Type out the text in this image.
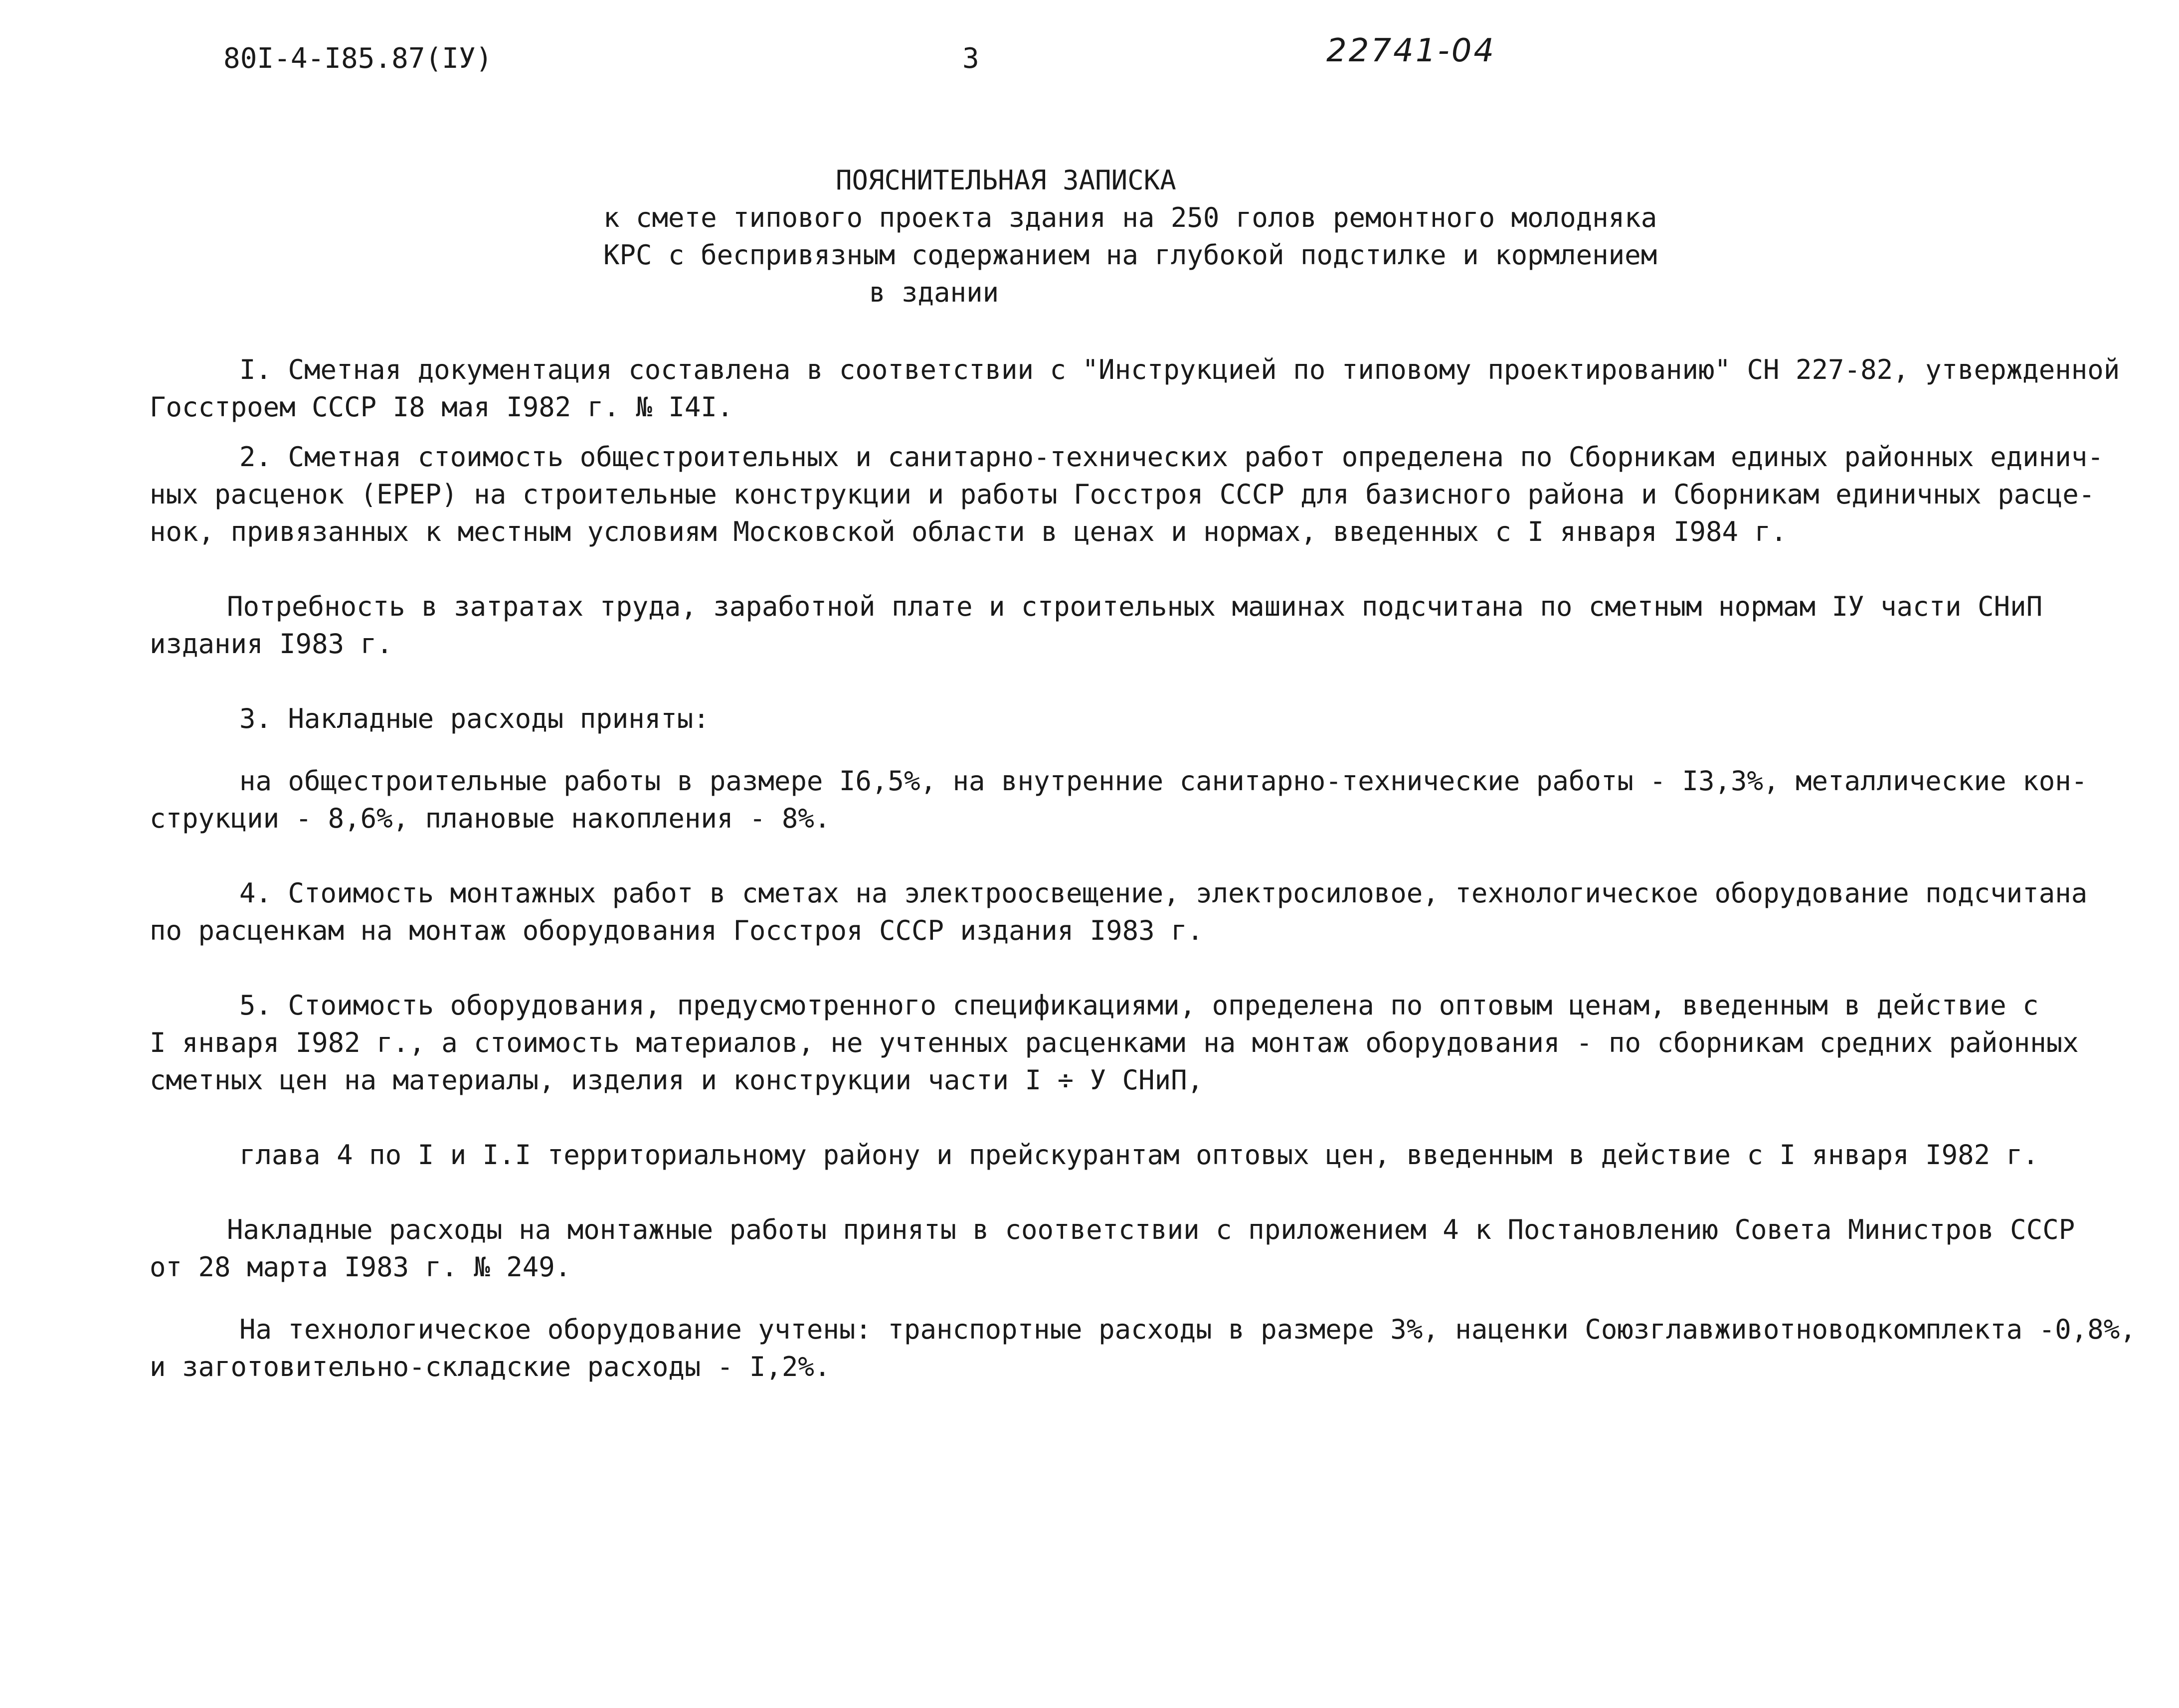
80I-4-I85.87(IУ)	3	22741-04
ПОЯСНИТЕЛЬНАЯ ЗАПИСКА
к смете типового проекта здания на 250 голов ремонтного молодняка
КРС с беспривязным содержанием на глубокой подстилке и кормлением
в здании
I. Сметная документация составлена в соответствии с "Инструкцией по типовому проектированию" СН 227-82, утвержденной
Госстроем СССР I8 мая I982 г. № I4I.
2. Сметная стоимость общестроительных и санитарно-технических работ определена по Сборникам единых районных единич-
ных расценок (ЕРЕР) на строительные конструкции и работы Госстроя СССР для базисного района и Сборникам единичных расце-
нок, привязанных к местным условиям Московской области в ценах и нормах, введенных с I января I984 г.
Потребность в затратах труда, заработной плате и строительных машинах подсчитана по сметным нормам IУ части СНиП
издания I983 г.
3. Накладные расходы приняты:
на общестроительные работы в размере I6,5%, на внутренние санитарно-технические работы - I3,3%, металлические кон-
струкции - 8,6%, плановые накопления - 8%.
4. Стоимость монтажных работ в сметах на электроосвещение, электросиловое, технологическое оборудование подсчитана
по расценкам на монтаж оборудования Госстроя СССР издания I983 г.
5. Стоимость оборудования, предусмотренного спецификациями, определена по оптовым ценам, введенным в действие с
I января I982 г., а стоимость материалов, не учтенных расценками на монтаж оборудования - по сборникам средних районных
сметных цен на материалы, изделия и конструкции части I ÷ У СНиП,
глава 4 по I и I.I территориальному району и прейскурантам оптовых цен, введенным в действие с I января I982 г.
Накладные расходы на монтажные работы приняты в соответствии с приложением 4 к Постановлению Совета Министров СССР
от 28 марта I983 г. № 249.
На технологическое оборудование учтены: транспортные расходы в размере 3%, наценки Союзглавживотноводкомплекта -0,8%,
и заготовительно-складские расходы - I,2%.
